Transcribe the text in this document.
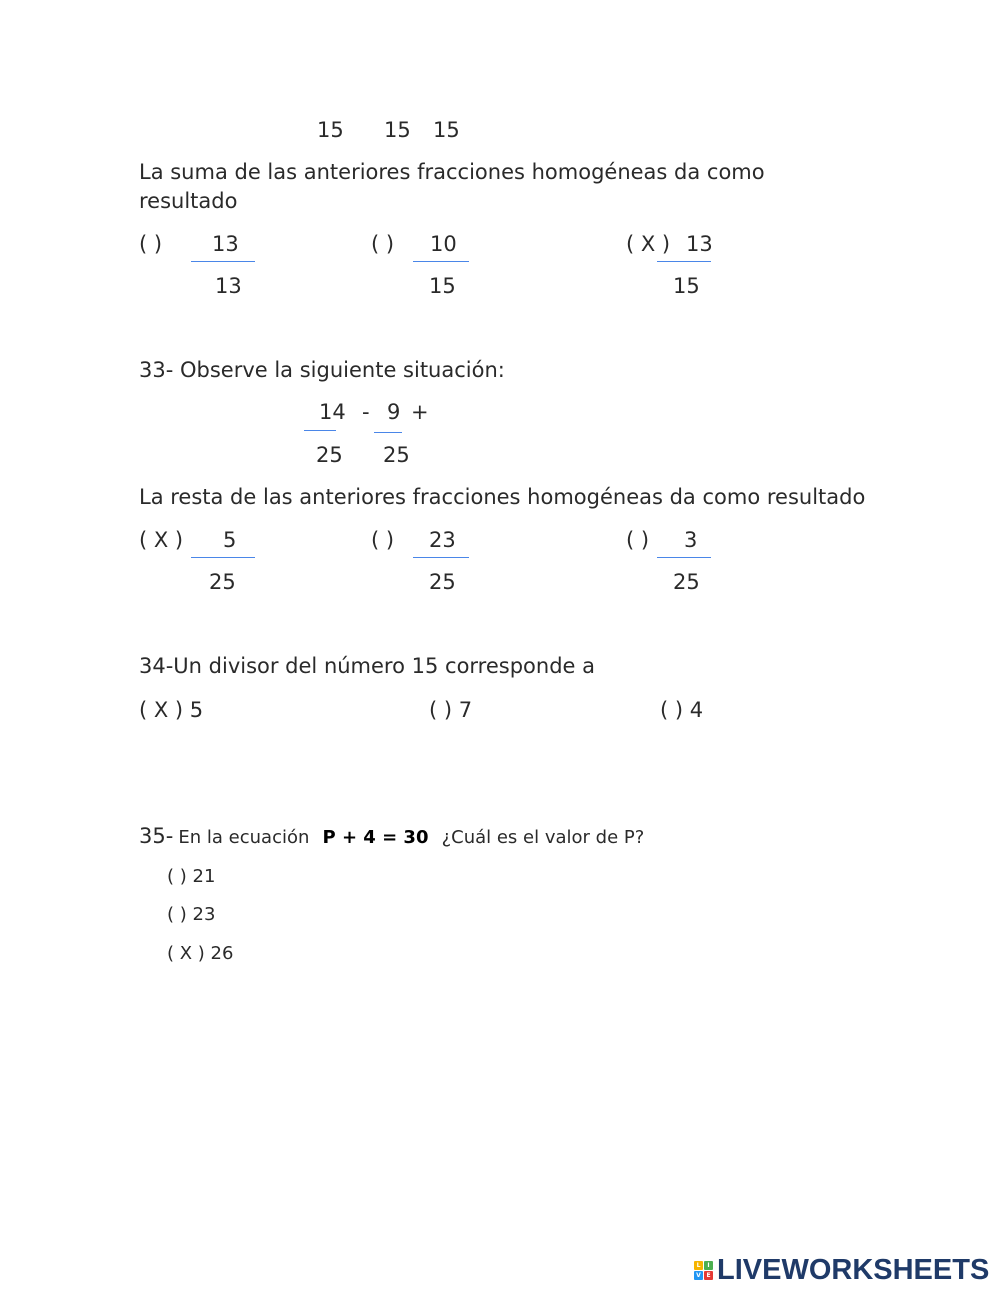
15 15 15
La suma de las anteriores fracciones homogéneas da como
resultado
( ) 13
13
( ) 10
15
( X ) 13
15
33- Observe la siguiente situación:
14 - 9 +
25 25
La resta de las anteriores fracciones homogéneas da como resultado
( X ) 5
25
( ) 23
25
( ) 3
25
34-Un divisor del número 15 corresponde a
( X ) 5	( ) 7	( ) 4
35- En la ecuación P + 4 = 30 ¿Cuál es el valor de P?
( ) 21
( ) 23
( X ) 26
L	I
V E LIVEWORKSHEETS
